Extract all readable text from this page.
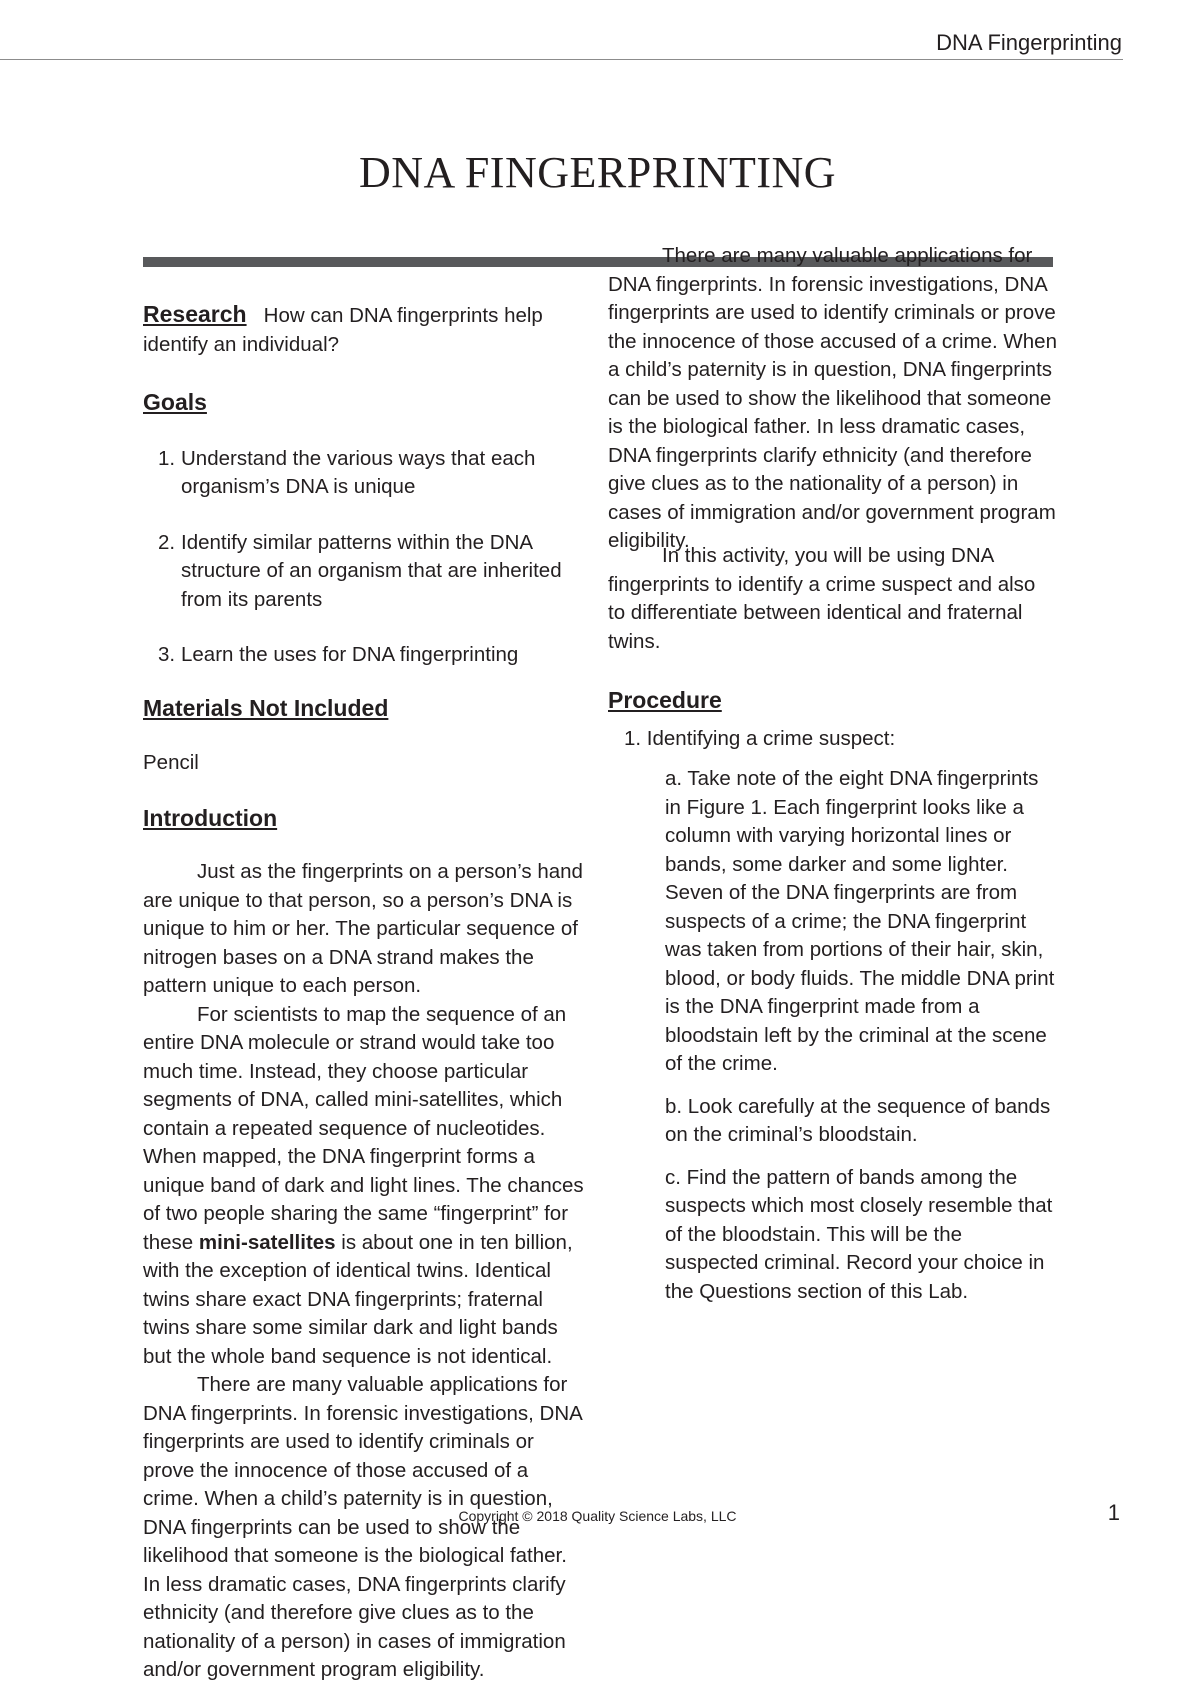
DNA Fingerprinting
DNA FINGERPRINTING

Research How can DNA fingerprints help identify an individual?

Goals

1. Understand the various ways that each organism’s DNA is unique

2. Identify similar patterns within the DNA structure of an organism that are inherited from its parents

3. Learn the uses for DNA fingerprinting

Materials Not Included

Pencil

Introduction

Just as the fingerprints on a person’s hand are unique to that person, so a person’s DNA is unique to him or her. The particular sequence of nitrogen bases on a DNA strand makes the pattern unique to each person.

For scientists to map the sequence of an entire DNA molecule or strand would take too much time. Instead, they choose particular segments of DNA, called mini-satellites, which contain a repeated sequence of nucleotides. When mapped, the DNA fingerprint forms a unique band of dark and light lines. The chances of two people sharing the same “fingerprint” for these mini-satellites is about one in ten billion, with the exception of identical twins. Identical twins share exact DNA fingerprints; fraternal twins share some similar dark and light bands but the whole band sequence is not identical.

There are many valuable applications for DNA fingerprints. In forensic investigations, DNA fingerprints are used to identify criminals or prove the innocence of those accused of a crime. When a child’s paternity is in question, DNA fingerprints can be used to show the likelihood that someone is the biological father. In less dramatic cases, DNA fingerprints clarify ethnicity (and therefore give clues as to the nationality of a person) in cases of immigration and/or government program eligibility.

There are many valuable applications for DNA fingerprints. In forensic investigations, DNA fingerprints are used to identify criminals or prove the innocence of those accused of a crime. When a child’s paternity is in question, DNA fingerprints can be used to show the likelihood that someone is the biological father. In less dramatic cases, DNA fingerprints clarify ethnicity (and therefore give clues as to the nationality of a person) in cases of immigration and/or government program eligibility.

In this activity, you will be using DNA fingerprints to identify a crime suspect and also to differentiate between identical and fraternal twins.

Procedure

1. Identifying a crime suspect:

a. Take note of the eight DNA fingerprints in Figure 1. Each fingerprint looks like a column with varying horizontal lines or bands, some darker and some lighter. Seven of the DNA fingerprints are from suspects of a crime; the DNA fingerprint was taken from portions of their hair, skin, blood, or body fluids. The middle DNA print is the DNA fingerprint made from a bloodstain left by the criminal at the scene of the crime.

b. Look carefully at the sequence of bands on the criminal’s bloodstain.

c. Find the pattern of bands among the suspects which most closely resemble that of the bloodstain. This will be the suspected criminal. Record your choice in the Questions section of this Lab.

Copyright © 2018 Quality Science Labs, LLC	1
